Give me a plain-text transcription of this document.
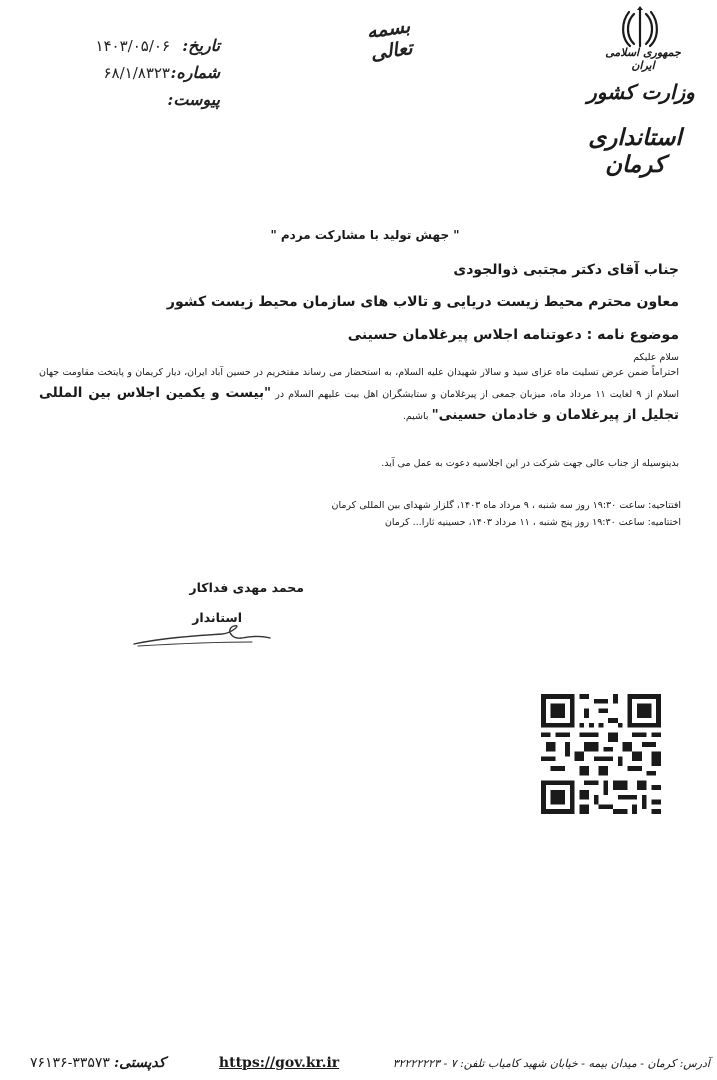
تاریخ:
۱۴۰۳/۰۵/۰۶
شماره:
۶۸/۱/۸۳۲۳
پیوست:
بسمه تعالی	جمهوری اسلامی ایران
وزارت کشور
استانداری کرمان
" جهش تولید با مشارکت مردم "
جناب آقای دکتر مجتبی ذوالجودی
معاون محترم محیط زیست دریایی و تالاب های سازمان محیط زیست کشور
موضوع نامه : دعوتنامه اجلاس پیرغلامان حسینی
سلام علیکم
احتراماً ضمن عرض تسلیت ماه عزای سید و سالار شهیدان علیه السلام، به استحضار می رساند مفتخریم در حسین آباد ایران، دیار کریمان و پایتخت مقاومت جهان اسلام از ۹ لغایت ۱۱ مرداد ماه، میزبان جمعی از پیرغلامان و ستایشگران اهل بیت علیهم السلام در "بیست و یکمین اجلاس بین المللی تجلیل از پیرغلامان و خادمان حسینی" باشیم.
بدینوسیله از جناب عالی جهت شرکت در این اجلاسیه دعوت به عمل می آید.
افتتاحیه: ساعت ۱۹:۳۰ روز سه شنبه ، ۹ مرداد ماه ۱۴۰۳، گلزار شهدای بین المللی کرمان
اختتامیه: ساعت ۱۹:۳۰ روز پنج شنبه ، ۱۱ مرداد ۱۴۰۳، حسینیه ثارا... کرمان
محمد مهدی فداکار
استاندار
آدرس: کرمان - میدان بیمه - خیابان شهید کامیاب تلفن: ۷ - ۳۲۲۲۲۲۲۳
https://gov.kr.ir
کدپستی:
۷۶۱۳۶-۳۳۵۷۳
